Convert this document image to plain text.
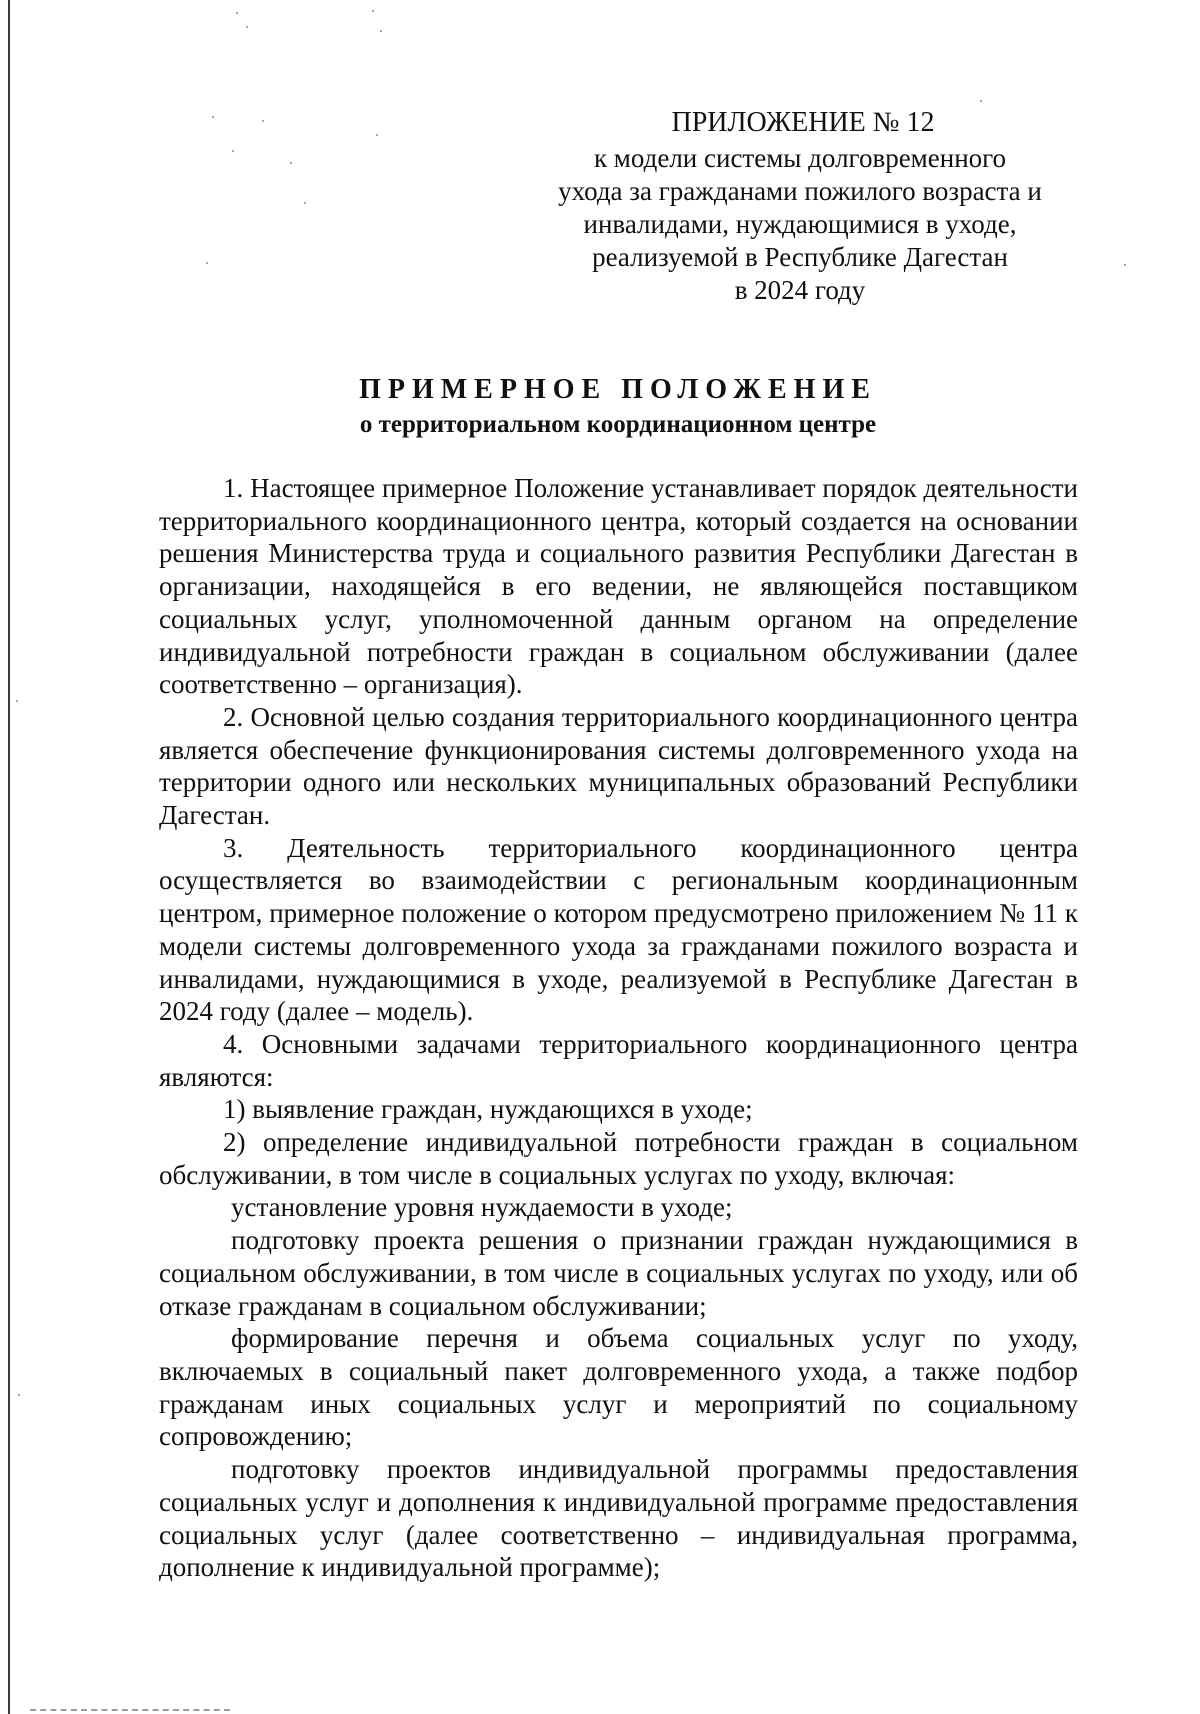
ПРИЛОЖЕНИЕ № 12
к модели системы долговременного
ухода за гражданами пожилого возраста и
инвалидами, нуждающимися в уходе,
реализуемой в Республике Дагестан
в 2024 году
ПРИМЕРНОЕ ПОЛОЖЕНИЕ
о территориальном координационном центре

1. Настоящее примерное Положение устанавливает порядок деятельности территориального координационного центра, который создается на основании решения Министерства труда и социального развития Республики Дагестан в организации, находящейся в его ведении, не являющейся поставщиком социальных услуг, уполномоченной данным органом на определение индивидуальной потребности граждан в социальном обслуживании (далее соответственно – организация).

2. Основной целью создания территориального координационного центра является обеспечение функционирования системы долговременного ухода на территории одного или нескольких муниципальных образований Республики Дагестан.

3. Деятельность территориального координационного центра осуществляется во взаимодействии с региональным координационным центром, примерное положение о котором предусмотрено приложением № 11 к модели системы долговременного ухода за гражданами пожилого возраста и инвалидами, нуждающимися в уходе, реализуемой в Республике Дагестан в 2024 году (далее – модель).

4. Основными задачами территориального координационного центра являются:

1) выявление граждан, нуждающихся в уходе;

2) определение индивидуальной потребности граждан в социальном обслуживании, в том числе в социальных услугах по уходу, включая:

установление уровня нуждаемости в уходе;

подготовку проекта решения о признании граждан нуждающимися в социальном обслуживании, в том числе в социальных услугах по уходу, или об отказе гражданам в социальном обслуживании;

формирование перечня и объема социальных услуг по уходу, включаемых в социальный пакет долговременного ухода, а также подбор гражданам иных социальных услуг и мероприятий по социальному сопровождению;

подготовку проектов индивидуальной программы предоставления социальных услуг и дополнения к индивидуальной программе предоставления социальных услуг (далее соответственно – индивидуальная программа, дополнение к индивидуальной программе);
